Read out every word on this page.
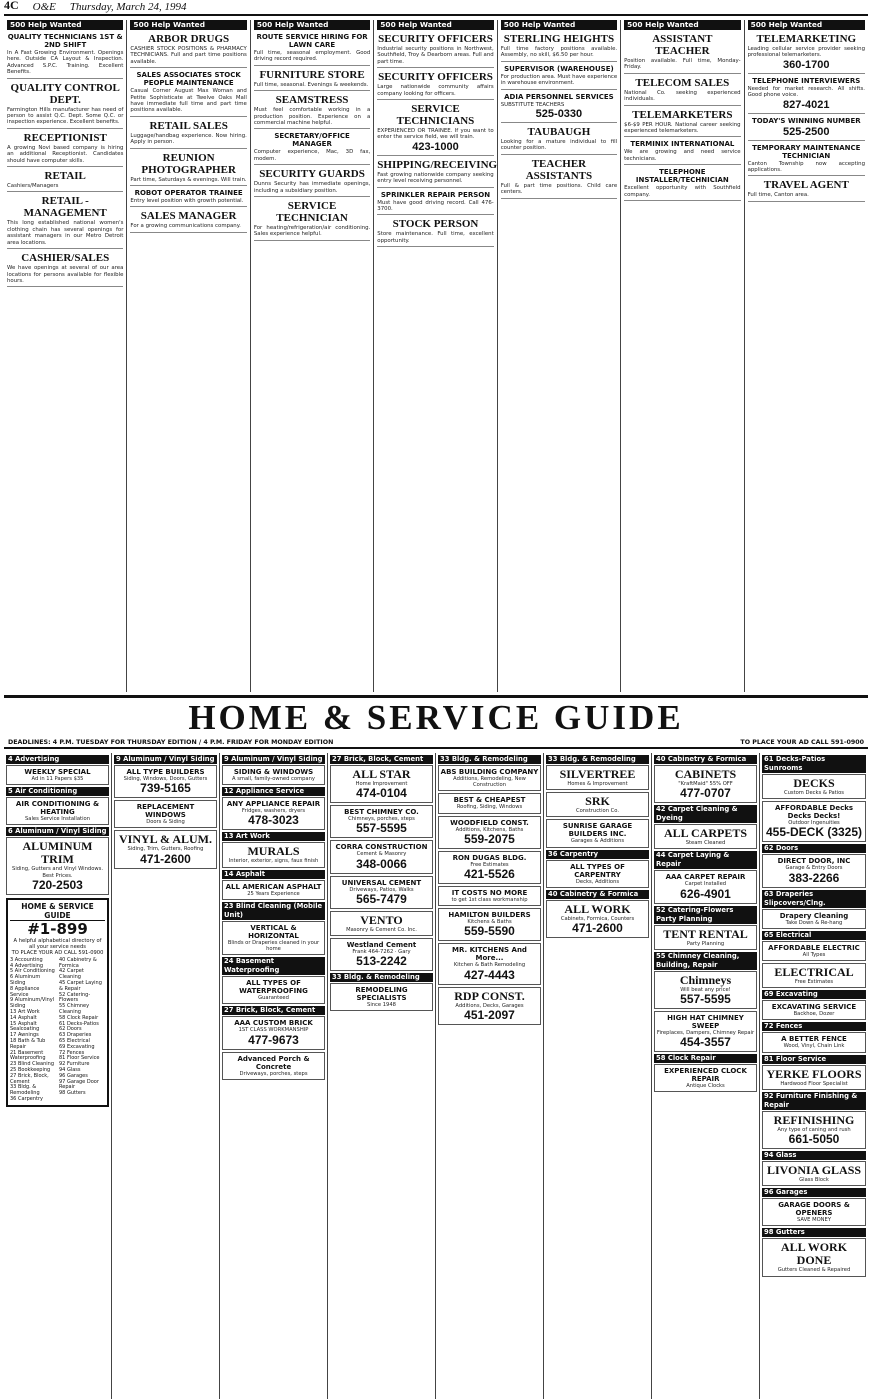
4C O&E Thursday, March 24, 1994
500 Help Wanted
QUALITY TECHNICIANS 1ST & 2ND SHIFT
In A Fast Growing Environment. Openings here. Outside CA Layout & Inspection. Advanced S.P.C. Training. Excellent Benefits.
QUALITY CONTROL DEPT.
Farmington Hills manufacturer has need of person to assist Q.C. Dept. Some Q.C. or inspection experience. Excellent benefits.
RECEPTIONIST
A growing Novi based company is hiring an additional Receptionist. Candidates should have computer skills.
RETAIL
Cashiers/Managers
RETAIL - MANAGEMENT
This long established national women's clothing chain has several openings for assistant managers in our Metro Detroit area locations.
CASHIER/SALES
We have openings at several of our area locations for persons available for flexible hours.
500 Help Wanted
ARBOR DRUGS
CASHIER STOCK POSITIONS & PHARMACY TECHNICIANS. Full and part time positions available.
SALES ASSOCIATES STOCK PEOPLE MAINTENANCE
Casual Corner August Max Woman and Petite Sophisticate at Twelve Oaks Mall have immediate full time and part time positions available.
RETAIL SALES
Luggage/handbag experience. Now hiring. Apply in person.
REUNION PHOTOGRAPHER
Part time, Saturdays & evenings. Will train.
ROBOT OPERATOR TRAINEE
Entry level position with growth potential.
SALES MANAGER
For a growing communications company.
500 Help Wanted
ROUTE SERVICE HIRING FOR LAWN CARE
Full time, seasonal employment. Good driving record required.
FURNITURE STORE
Full time, seasonal. Evenings & weekends.
SEAMSTRESS
Must feel comfortable working in a production position. Experience on a commercial machine helpful.
SECRETARY/OFFICE MANAGER
Computer experience, Mac, 3D fax, modem.
SECURITY GUARDS
Dunns Security has immediate openings, including a subsidiary position.
SERVICE TECHNICIAN
For heating/refrigeration/air conditioning. Sales experience helpful.
500 Help Wanted
SECURITY OFFICERS
Industrial security positions in Northwest, Southfield, Troy & Dearborn areas. Full and part time.
SECURITY OFFICERS
Large nationwide community affairs company looking for officers.
SERVICE TECHNICIANS
EXPERIENCED OR TRAINEE. If you want to enter the service field, we will train.
423-1000
SHIPPING/RECEIVING
Fast growing nationwide company seeking entry level receiving personnel.
SPRINKLER REPAIR PERSON
Must have good driving record. Call 476-3700.
STOCK PERSON
Store maintenance. Full time, excellent opportunity.
500 Help Wanted
STERLING HEIGHTS
Full time factory positions available. Assembly, no skill, $6.50 per hour.
SUPERVISOR (WAREHOUSE)
For production area. Must have experience in warehouse environment.
ADIA PERSONNEL SERVICES
SUBSTITUTE TEACHERS
525-0330
TAUBAUGH
Looking for a mature individual to fill counter position.
TEACHER ASSISTANTS
Full & part time positions. Child care centers.
500 Help Wanted
ASSISTANT TEACHER
Position available. Full time, Monday-Friday.
TELECOM SALES
National Co. seeking experienced individuals.
TELEMARKETERS
$6-$9 PER HOUR. National career seeking experienced telemarketers.
TERMINIX INTERNATIONAL
We are growing and need service technicians.
TELEPHONE INSTALLER/TECHNICIAN
Excellent opportunity with Southfield company.
500 Help Wanted
TELEMARKETING
Leading cellular service provider seeking professional telemarketers.
360-1700
TELEPHONE INTERVIEWERS
Needed for market research. All shifts. Good phone voice.
827-4021
TODAY'S WINNING NUMBER
525-2500
TEMPORARY MAINTENANCE TECHNICIAN
Canton Township now accepting applications.
TRAVEL AGENT
Full time, Canton area.
HOME & SERVICE GUIDE
DEADLINES: 4 P.M. TUESDAY FOR THURSDAY EDITION / 4 P.M. FRIDAY FOR MONDAY EDITION	TO PLACE YOUR AD CALL 591-0900
4 Advertising
WEEKLY SPECIAL
Ad in 11 Papers $35
5 Air Conditioning
AIR CONDITIONING & HEATING
Sales Service Installation
6 Aluminum / Vinyl Siding
ALUMINUM TRIM
Siding, Gutters and Vinyl Windows. Best Prices.
720-2503
HOME & SERVICE GUIDE
#1-899
A helpful alphabetical directory of all your service needs
TO PLACE YOUR AD CALL 591-0900
3 Accounting
4 Advertising
5 Air Conditioning
6 Aluminum Siding
8 Appliance Service
9 Aluminum/Vinyl Siding
13 Art Work
14 Asphalt
15 Asphalt Sealcoating
17 Awnings
18 Bath & Tub Repair
21 Basement Waterproofing
23 Blind Cleaning
25 Bookkeeping
27 Brick, Block, Cement
33 Bldg. & Remodeling
36 Carpentry
40 Cabinetry & Formica
42 Carpet Cleaning
45 Carpet Laying & Repair
52 Catering-Flowers
55 Chimney Cleaning
58 Clock Repair
61 Decks-Patios
62 Doors
63 Draperies
65 Electrical
69 Excavating
72 Fences
81 Floor Service
92 Furniture
94 Glass
96 Garages
97 Garage Door Repair
98 Gutters
9 Aluminum / Vinyl Siding
ALL TYPE BUILDERS
Siding, Windows, Doors, Gutters
739-5165
REPLACEMENT WINDOWS
Doors & Siding
VINYL & ALUM.
Siding, Trim, Gutters, Roofing
471-2600
9 Aluminum / Vinyl Siding
SIDING & WINDOWS
A small, family-owned company
12 Appliance Service
ANY APPLIANCE REPAIR
Fridges, washers, dryers
478-3023
13 Art Work
MURALS
Interior, exterior, signs, faux finish
14 Asphalt
ALL AMERICAN ASPHALT
25 Years Experience
23 Blind Cleaning (Mobile Unit)
VERTICAL & HORIZONTAL
Blinds or Draperies cleaned in your home
24 Basement Waterproofing
ALL TYPES OF WATERPROOFING
Guaranteed
27 Brick, Block, Cement
AAA CUSTOM BRICK
1ST CLASS WORKMANSHIP
477-9673
Advanced Porch & Concrete
Driveways, porches, steps
27 Brick, Block, Cement
ALL STAR
Home Improvement
474-0104
BEST CHIMNEY CO.
Chimneys, porches, steps
557-5595
CORRA CONSTRUCTION
Cement & Masonry
348-0066
UNIVERSAL CEMENT
Driveways, Patios, Walks
565-7479
VENTO
Masonry & Cement Co. Inc.
Westland Cement
Frank 464-7262 · Gary
513-2242
33 Bldg. & Remodeling
REMODELING SPECIALISTS
Since 1948
33 Bldg. & Remodeling
ABS BUILDING COMPANY
Additions, Remodeling, New Construction
BEST & CHEAPEST
Roofing, Siding, Windows
WOODFIELD CONST.
Additions, Kitchens, Baths
559-2075
RON DUGAS BLDG.
Free Estimates
421-5526
IT COSTS NO MORE
to get 1st class workmanship
HAMILTON BUILDERS
Kitchens & Baths
559-5590
MR. KITCHENS And More...
Kitchen & Bath Remodeling
427-4443
RDP CONST.
Additions, Decks, Garages
451-2097
33 Bldg. & Remodeling
SILVERTREE
Homes & Improvement
SRK
Construction Co.
SUNRISE GARAGE BUILDERS INC.
Garages & Additions
36 Carpentry
ALL TYPES OF CARPENTRY
Decks, Additions
40 Cabinetry & Formica
ALL WORK
Cabinets, Formica, Counters
471-2600
40 Cabinetry & Formica
CABINETS
"KraftMaid" 55% OFF
477-0707
42 Carpet Cleaning & Dyeing
ALL CARPETS
Steam Cleaned
44 Carpet Laying & Repair
AAA CARPET REPAIR
Carpet Installed
626-4901
52 Catering-Flowers Party Planning
TENT RENTAL
Party Planning
55 Chimney Cleaning, Building, Repair
Chimneys
Will beat any price!
557-5595
HIGH HAT CHIMNEY SWEEP
Fireplaces, Dampers, Chimney Repair
454-3557
58 Clock Repair
EXPERIENCED CLOCK REPAIR
Antique Clocks
61 Decks-Patios Sunrooms
DECKS
Custom Decks & Patios
AFFORDABLE Decks Decks Decks!
Outdoor Ingenuities
455-DECK (3325)
62 Doors
DIRECT DOOR, INC
Garage & Entry Doors
383-2266
63 Draperies Slipcovers/Clng.
Drapery Cleaning
Take Down & Re-hang
65 Electrical
AFFORDABLE ELECTRIC
All Types
ELECTRICAL
Free Estimates
69 Excavating
EXCAVATING SERVICE
Backhoe, Dozer
72 Fences
A BETTER FENCE
Wood, Vinyl, Chain Link
81 Floor Service
YERKE FLOORS
Hardwood Floor Specialist
92 Furniture Finishing & Repair
REFINISHING
Any type of caning and rush
661-5050
94 Glass
LIVONIA GLASS
Glass Block
96 Garages
GARAGE DOORS & OPENERS
SAVE MONEY
98 Gutters
ALL WORK DONE
Gutters Cleaned & Repaired
